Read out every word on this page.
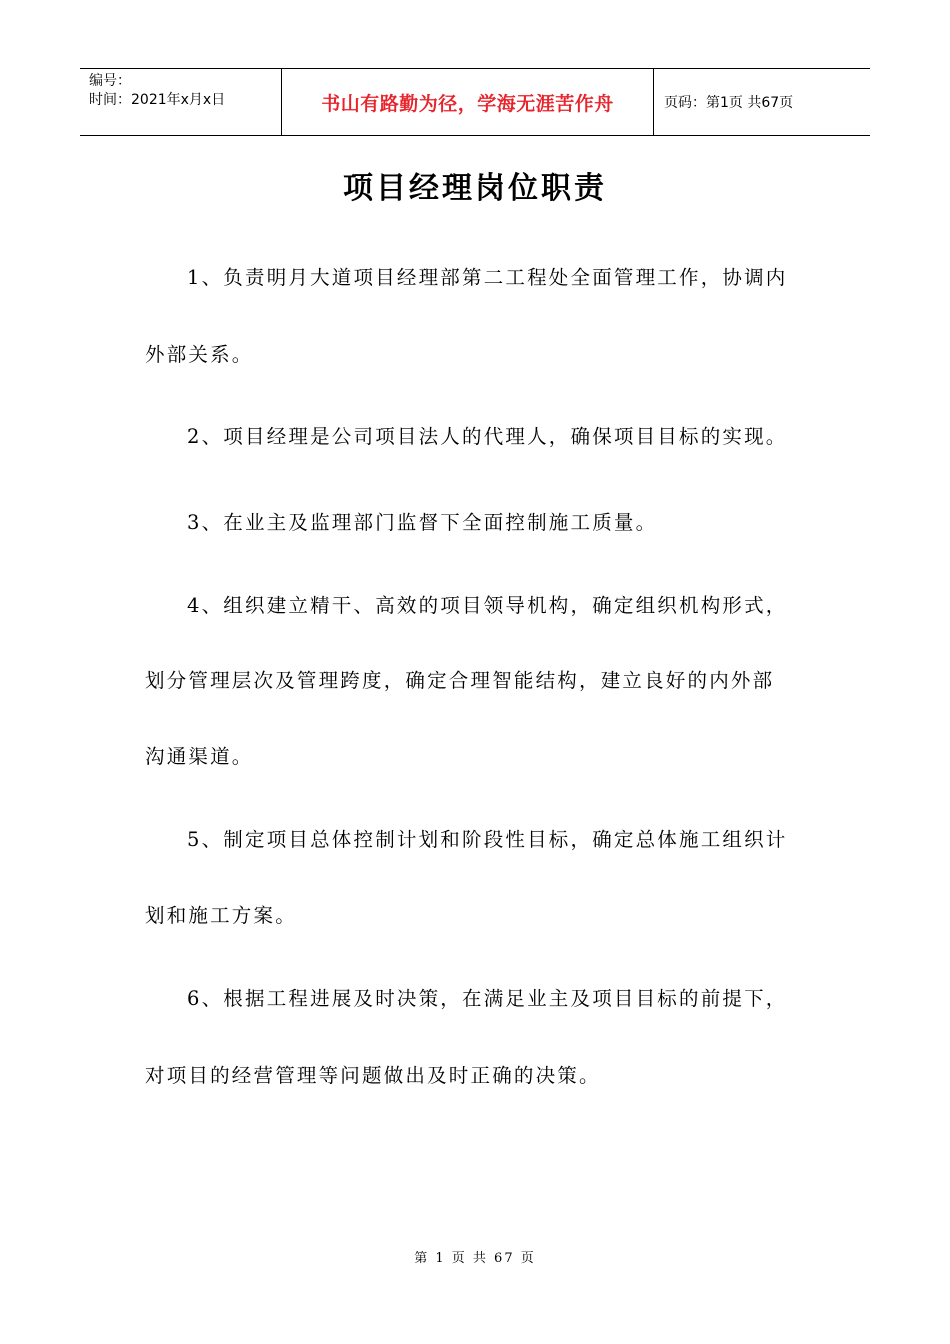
编号：
时间：2021年x月x日	书山有路勤为径，学海无涯苦作舟	页码：第1页 共67页
项目经理岗位职责
1、负责明月大道项目经理部第二工程处全面管理工作，协调内
外部关系。
2、项目经理是公司项目法人的代理人，确保项目目标的实现。
3、在业主及监理部门监督下全面控制施工质量。
4、组织建立精干、高效的项目领导机构，确定组织机构形式，
划分管理层次及管理跨度，确定合理智能结构，建立良好的内外部
沟通渠道。
5、制定项目总体控制计划和阶段性目标，确定总体施工组织计
划和施工方案。
6、根据工程进展及时决策，在满足业主及项目目标的前提下，
对项目的经营管理等问题做出及时正确的决策。
第 1 页 共 67 页
